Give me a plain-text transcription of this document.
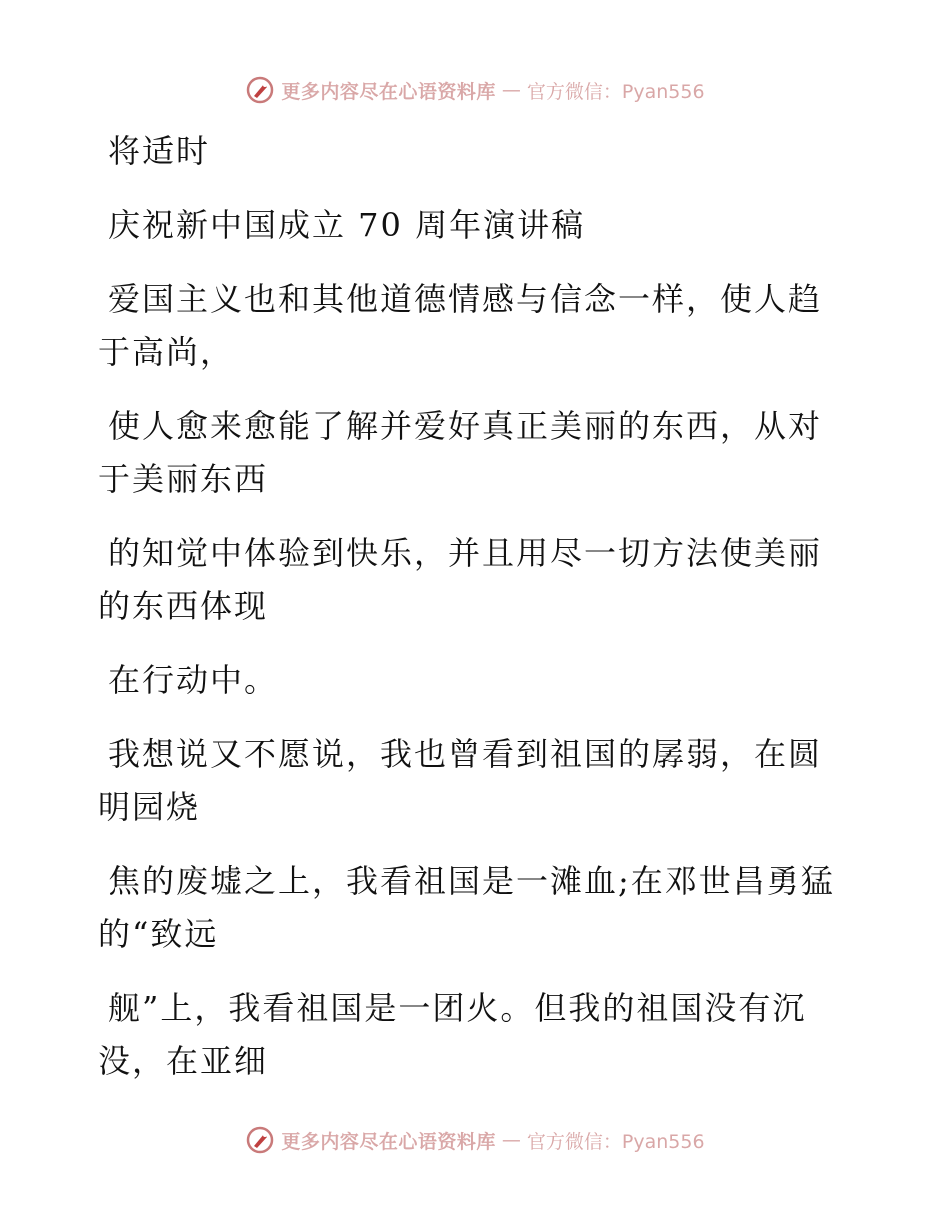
更多内容尽在心语资料库 — 官方微信：Pyan556

将适时

庆祝新中国成立 70 周年演讲稿

爱国主义也和其他道德情感与信念一样，使人趋
于高尚，

使人愈来愈能了解并爱好真正美丽的东西，从对
于美丽东西

的知觉中体验到快乐，并且用尽一切方法使美丽
的东西体现

在行动中。

我想说又不愿说，我也曾看到祖国的孱弱，在圆
明园烧

焦的废墟之上，我看祖国是一滩血;在邓世昌勇猛
的“致远

舰”上，我看祖国是一团火。但我的祖国没有沉
没，在亚细

更多内容尽在心语资料库 — 官方微信：Pyan556
